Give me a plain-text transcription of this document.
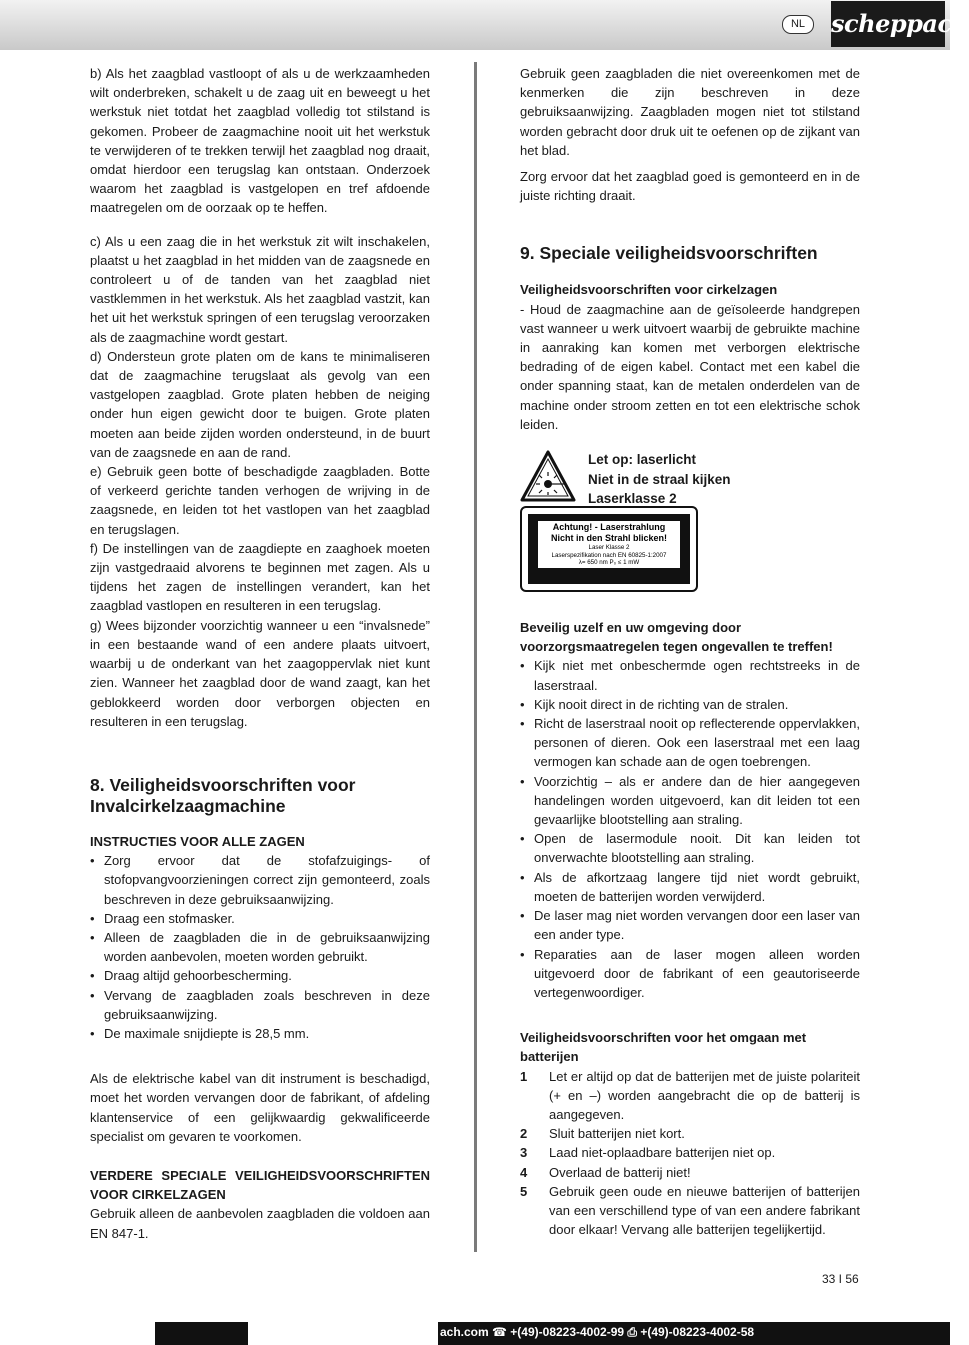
NL	scheppach

b) Als het zaagblad vastloopt of als u de werkzaamheden wilt onderbreken, schakelt u de zaag uit en beweegt u het werkstuk niet totdat het zaagblad volledig tot stilstand is gekomen. Probeer de zaagmachine nooit uit het werkstuk te verwijderen of te trekken terwijl het zaagblad nog draait, omdat hierdoor een terugslag kan ontstaan. Onderzoek waarom het zaagblad is vastgelopen en tref afdoende maatregelen om de oorzaak op te heffen.

c) Als u een zaag die in het werkstuk zit wilt inschakelen, plaatst u het zaagblad in het midden van de zaagsnede en controleert u of de tanden van het zaagblad niet vastklemmen in het werkstuk. Als het zaagblad vastzit, kan het uit het werkstuk springen of een terugslag veroorzaken als de zaagmachine wordt gestart.

d) Ondersteun grote platen om de kans te minimaliseren dat de zaagmachine terugslaat als gevolg van een vastgelopen zaagblad. Grote platen hebben de neiging onder hun eigen gewicht door te buigen. Grote platen moeten aan beide zijden worden ondersteund, in de buurt van de zaagsnede en aan de rand.

e) Gebruik geen botte of beschadigde zaagbladen. Botte of verkeerd gerichte tanden verhogen de wrijving in de zaagsnede, en leiden tot het vastlopen van het zaagblad en terugslagen.

f) De instellingen van de zaagdiepte en zaaghoek moeten zijn vastgedraaid alvorens te beginnen met zagen. Als u tijdens het zagen de instellingen verandert, kan het zaagblad vastlopen en resulteren in een terugslag.

g) Wees bijzonder voorzichtig wanneer u een “invalsnede” in een bestaande wand of een andere plaats uitvoert, waarbij u de onderkant van het zaagoppervlak niet kunt zien. Wanneer het zaagblad door de wand zaagt, kan het geblokkeerd worden door verborgen objecten en resulteren in een terugslag.

8. Veiligheidsvoorschriften voor Invalcirkelzaagmachine
INSTRUCTIES VOOR ALLE ZAGEN
• Zorg ervoor dat de stofafzuigings- of stofopvangvoorzieningen correct zijn gemonteerd, zoals beschreven in deze gebruiksaanwijzing.
• Draag een stofmasker.
• Alleen de zaagbladen die in de gebruiksaanwijzing worden aanbevolen, moeten worden gebruikt.
• Draag altijd gehoorbescherming.
• Vervang de zaagbladen zoals beschreven in deze gebruiksaanwijzing.
• De maximale snijdiepte is 28,5 mm.

Als de elektrische kabel van dit instrument is beschadigd, moet het worden vervangen door de fabrikant, of afdeling klantenservice of een gelijkwaardig gekwalificeerde specialist om gevaren te voorkomen.

VERDERE SPECIALE VEILIGHEIDSVOORSCHRIFTEN VOOR CIRKELZAGEN

Gebruik alleen de aanbevolen zaagbladen die voldoen aan EN 847-1.

Gebruik geen zaagbladen die niet overeenkomen met de kenmerken die zijn beschreven in deze gebruiksaanwijzing. Zaagbladen mogen niet tot stilstand worden gebracht door druk uit te oefenen op de zijkant van het blad.

Zorg ervoor dat het zaagblad goed is gemonteerd en in de juiste richting draait.

9. Speciale veiligheidsvoorschriften
Veiligheidsvoorschriften voor cirkelzagen

- Houd de zaagmachine aan de geïsoleerde handgrepen vast wanneer u werk uitvoert waarbij de gebruikte machine in aanraking kan komen met verborgen elektrische bedrading of de eigen kabel. Contact met een kabel die onder spanning staat, kan de metalen onderdelen van de machine onder stroom zetten en tot een elektrische schok leiden.

Let op: laserlicht
Niet in de straal kijken
Laserklasse 2
Achtung! - Laserstrahlung
Nicht in den Strahl blicken!
Laser Klasse 2
Laserspezifikation nach EN 60825-1:2007
λ= 650 nm P₀ ≤ 1 mW
Beveilig uzelf en uw omgeving door voorzorgsmaatregelen tegen ongevallen te treffen!
• Kijk niet met onbeschermde ogen rechtstreeks in de laserstraal.
• Kijk nooit direct in de richting van de stralen.
• Richt de laserstraal nooit op reflecterende oppervlakken, personen of dieren. Ook een laserstraal met een laag vermogen kan schade aan de ogen toebrengen.
• Voorzichtig – als er andere dan de hier aangegeven handelingen worden uitgevoerd, kan dit leiden tot een gevaarlijke blootstelling aan straling.
• Open de lasermodule nooit. Dit kan leiden tot onverwachte blootstelling aan straling.
• Als de afkortzaag langere tijd niet wordt gebruikt, moeten de batterijen worden verwijderd.
• De laser mag niet worden vervangen door een laser van een ander type.
• Reparaties aan de laser mogen alleen worden uitgevoerd door de fabrikant of een geautoriseerde vertegenwoordiger.
Veiligheidsvoorschriften voor het omgaan met batterijen
1 Let er altijd op dat de batterijen met de juiste polariteit (+ en –) worden aangebracht die op de batterij is aangegeven.
2 Sluit batterijen niet kort.
3 Laad niet-oplaadbare batterijen niet op.
4 Overlaad de batterij niet!
5 Gebruik geen oude en nieuwe batterijen of batterijen van een verschillend type of van een andere fabrikant door elkaar! Vervang alle batterijen tegelijkertijd.
33 I 56
ach.com ☎ +(49)-08223-4002-99 ⎙ +(49)-08223-4002-58
